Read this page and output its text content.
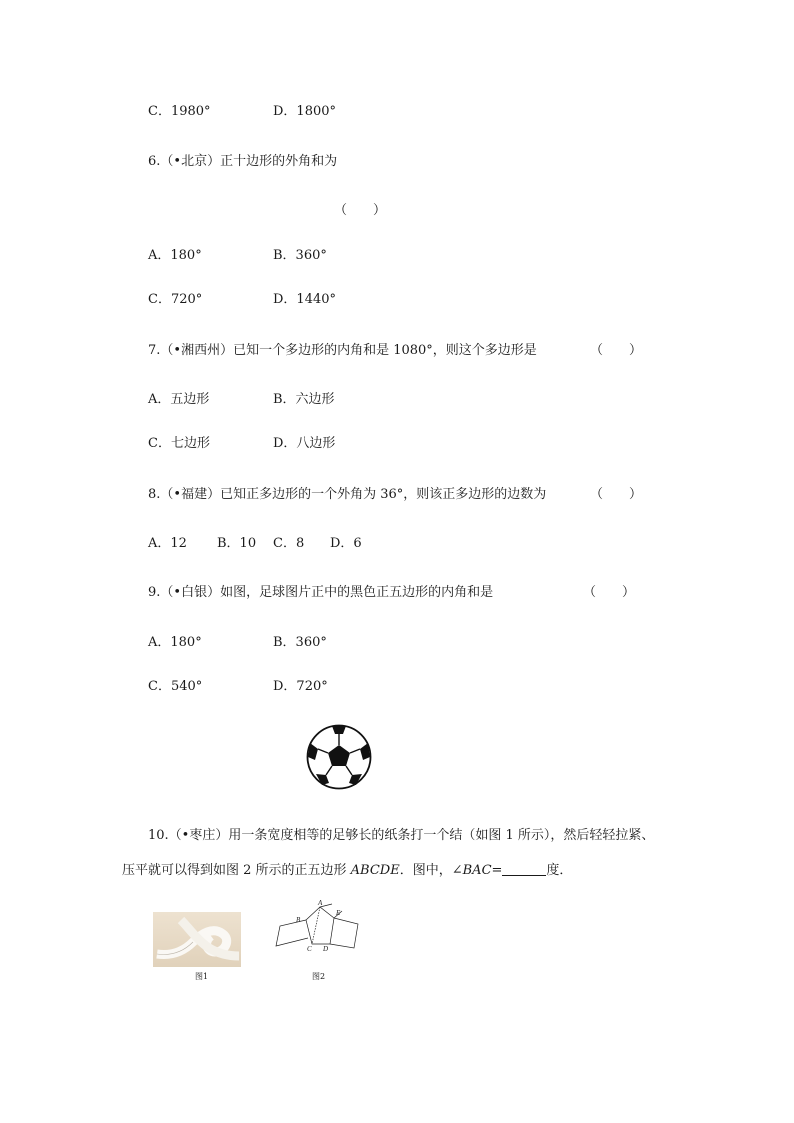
C．1980°	D．1800°
6.（•北京）正十边形的外角和为
（　　）
A．180°	B．360°
C．720°	D．1440°
7.（•湘西州）已知一个多边形的内角和是 1080°，则这个多边形是	（　　）
A．五边形	B．六边形
C．七边形	D．八边形
8.（•福建）已知正多边形的一个外角为 36°，则该正多边形的边数为	（　　）
A．12 B．10 C．8 D．6
9.（•白银）如图，足球图片正中的黑色正五边形的内角和是	（　　）
A．180°	B．360°
C．540°	D．720°
10.（•枣庄）用一条宽度相等的足够长的纸条打一个结（如图 1 所示），然后轻轻拉紧、
压平就可以得到如图 2 所示的正五边形 ABCDE．图中，∠BAC=	度．
图1
A
B
C D
E
图2
